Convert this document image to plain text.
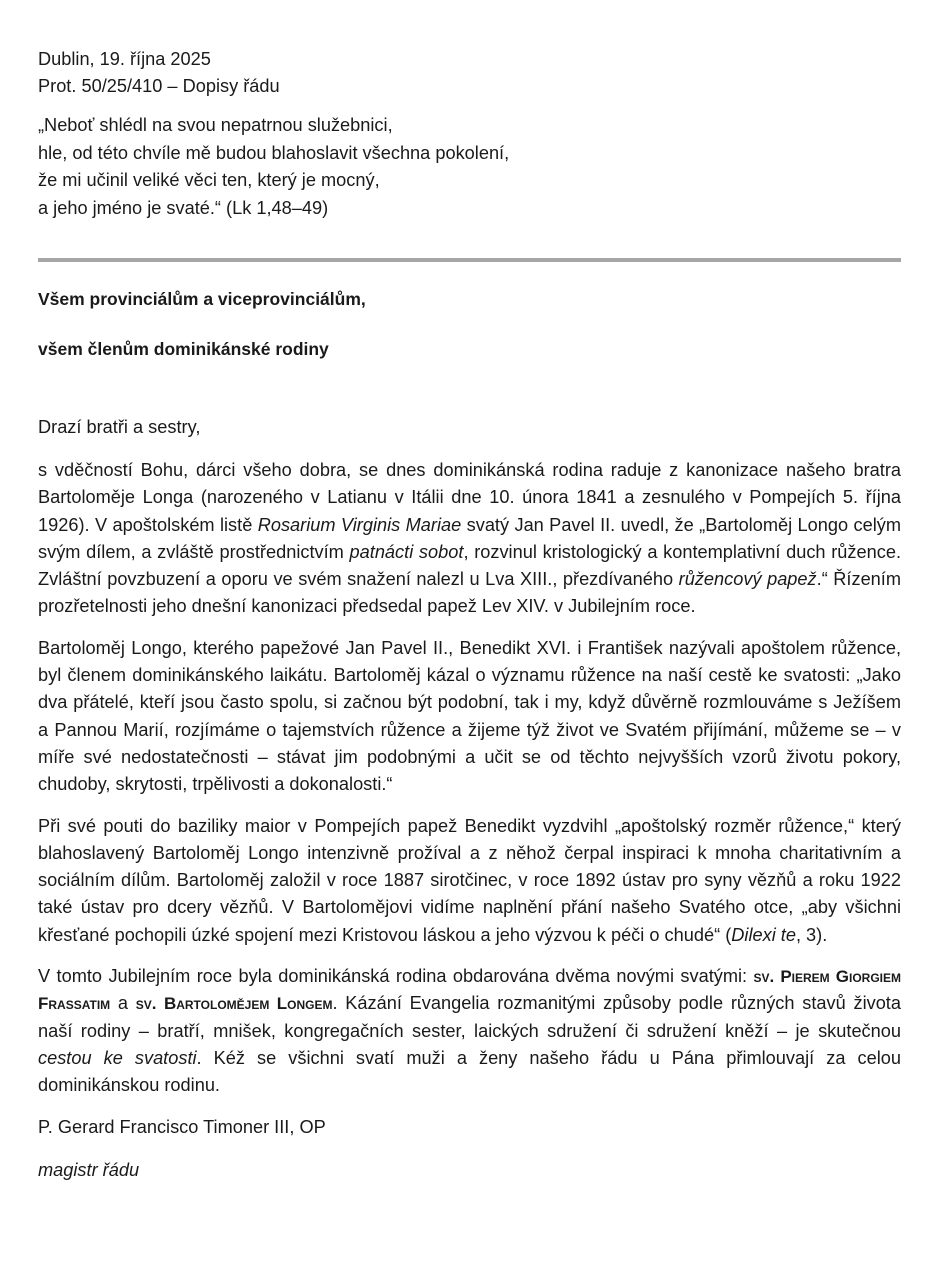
Dublin, 19. října 2025
Prot. 50/25/410 – Dopisy řádu
„Neboť shlédl na svou nepatrnou služebnici,
hle, od této chvíle mě budou blahoslavit všechna pokolení,
že mi učinil veliké věci ten, který je mocný,
a jeho jméno je svaté.“ (Lk 1,48–49)
Všem provinciálům a viceprovinciálům,
všem členům dominikánské rodiny
Drazí bratři a sestry,

s vděčností Bohu, dárci všeho dobra, se dnes dominikánská rodina raduje z kanonizace našeho bratra Bartoloměje Longa (narozeného v Latianu v Itálii dne 10. února 1841 a zesnulého v Pompejích 5. října 1926). V apoštolském listě Rosarium Virginis Mariae svatý Jan Pavel II. uvedl, že „Bartoloměj Longo celým svým dílem, a zvláště prostřednictvím patnácti sobot, rozvinul kristologický a kontemplativní duch růžence. Zvláštní povzbuzení a oporu ve svém snažení nalezl u Lva XIII., přezdívaného růžencový papež.“ Řízením prozřetelnosti jeho dnešní kanonizaci předsedal papež Lev XIV. v Jubilejním roce.

Bartoloměj Longo, kterého papežové Jan Pavel II., Benedikt XVI. i František nazývali apoštolem růžence, byl členem dominikánského laikátu. Bartoloměj kázal o významu růžence na naší cestě ke svatosti: „Jako dva přátelé, kteří jsou často spolu, si začnou být podobní, tak i my, když důvěrně rozmlouváme s Ježíšem a Pannou Marií, rozjímáme o tajemstvích růžence a žijeme týž život ve Svatém přijímání, můžeme se – v míře své nedostatečnosti – stávat jim podobnými a učit se od těchto nejvyšších vzorů životu pokory, chudoby, skrytosti, trpělivosti a dokonalosti.“

Při své pouti do baziliky maior v Pompejích papež Benedikt vyzdvihl „apoštolský rozměr růžence,“ který blahoslavený Bartoloměj Longo intenzivně prožíval a z něhož čerpal inspiraci k mnoha charitativním a sociálním dílům. Bartoloměj založil v roce 1887 sirotčinec, v roce 1892 ústav pro syny vězňů a roku 1922 také ústav pro dcery vězňů. V Bartolomějovi vidíme naplnění přání našeho Svatého otce, „aby všichni křesťané pochopili úzké spojení mezi Kristovou láskou a jeho výzvou k péči o chudé“ (Dilexi te, 3).

V tomto Jubilejním roce byla dominikánská rodina obdarována dvěma novými svatými: sv. Pierem Giorgiem Frassatim a sv. Bartolomějem Longem. Kázání Evangelia rozmanitými způsoby podle různých stavů života naší rodiny – bratří, mnišek, kongregačních sester, laických sdružení či sdružení kněží – je skutečnou cestou ke svatosti. Kéž se všichni svatí muži a ženy našeho řádu u Pána přimlouvají za celou dominikánskou rodinu.

P. Gerard Francisco Timoner III, OP
magistr řádu
